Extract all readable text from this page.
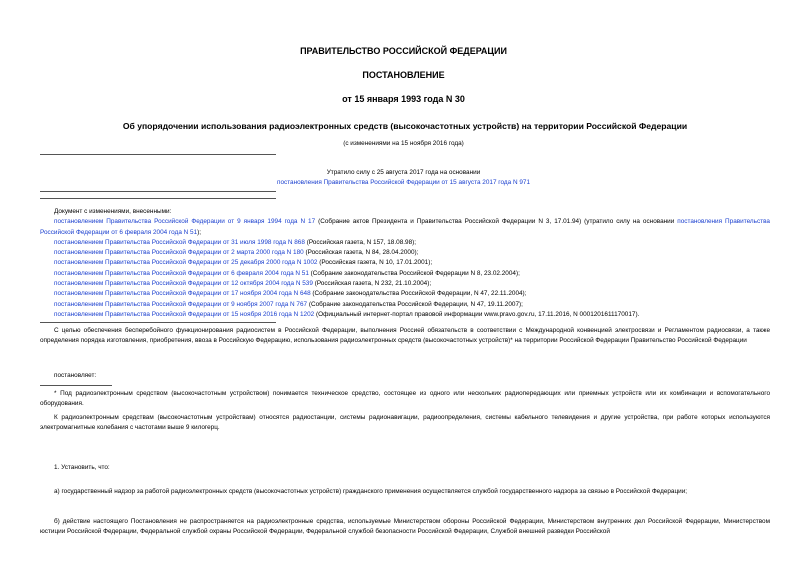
ПРАВИТЕЛЬСТВО РОССИЙСКОЙ ФЕДЕРАЦИИ
ПОСТАНОВЛЕНИЕ
от 15 января 1993 года N 30
Об упорядочении использования радиоэлектронных средств (высокочастотных устройств) на территории Российской Федерации
(с изменениями на 15 ноября 2016 года)
Утратило силу с 25 августа 2017 года на основании
постановления Правительства Российской Федерации от 15 августа 2017 года N 971
Документ с изменениями, внесенными:
постановлением Правительства Российской Федерации от 9 января 1994 года N 17 (Собрание актов Президента и Правительства Российской Федерации N 3, 17.01.94) (утратило силу на основании постановления Правительства Российской Федерации от 6 февраля 2004 года N 51);
постановлением Правительства Российской Федерации от 31 июля 1998 года N 868 (Российская газета, N 157, 18.08.98);
постановлением Правительства Российской Федерации от 2 марта 2000 года N 180 (Российская газета, N 84, 28.04.2000);
постановлением Правительства Российской Федерации от 25 декабря 2000 года N 1002 (Российская газета, N 10, 17.01.2001);
постановлением Правительства Российской Федерации от 6 февраля 2004 года N 51 (Собрание законодательства Российской Федерации N 8, 23.02.2004);
постановлением Правительства Российской Федерации от 12 октября 2004 года N 539 (Российская газета, N 232, 21.10.2004);
постановлением Правительства Российской Федерации от 17 ноября 2004 года N 648 (Собрание законодательства Российской Федерации, N 47, 22.11.2004);
постановлением Правительства Российской Федерации от 9 ноября 2007 года N 767 (Собрание законодательства Российской Федерации, N 47, 19.11.2007);
постановлением Правительства Российской Федерации от 15 ноября 2016 года N 1202 (Официальный интернет-портал правовой информации www.pravo.gov.ru, 17.11.2016, N 0001201611170017).
С целью обеспечения бесперебойного функционирования радиосистем в Российской Федерации, выполнения Россией обязательств в соответствии с Международной конвенцией электросвязи и Регламентом радиосвязи, а также определения порядка изготовления, приобретения, ввоза в Российскую Федерацию, использования радиоэлектронных средств (высокочастотных устройств)* на территории Российской Федерации Правительство Российской Федерации
постановляет:
* Под радиоэлектронным средством (высокочастотным устройством) понимается техническое средство, состоящее из одного или нескольких радиопередающих или приемных устройств или их комбинации и вспомогательного оборудования.
К радиоэлектронным средствам (высокочастотным устройствам) относятся радиостанции, системы радионавигации, радиоопределения, системы кабельного телевидения и другие устройства, при работе которых используются электромагнитные колебания с частотами выше 9 килогерц.
1. Установить, что:
а) государственный надзор за работой радиоэлектронных средств (высокочастотных устройств) гражданского применения осуществляется службой государственного надзора за связью в Российской Федерации;
б) действие настоящего Постановления не распространяется на радиоэлектронные средства, используемые Министерством обороны Российской Федерации, Министерством внутренних дел Российской Федерации, Министерством юстиции Российской Федерации, Федеральной службой охраны Российской Федерации, Федеральной службой безопасности Российской Федерации, Службой внешней разведки Российской
